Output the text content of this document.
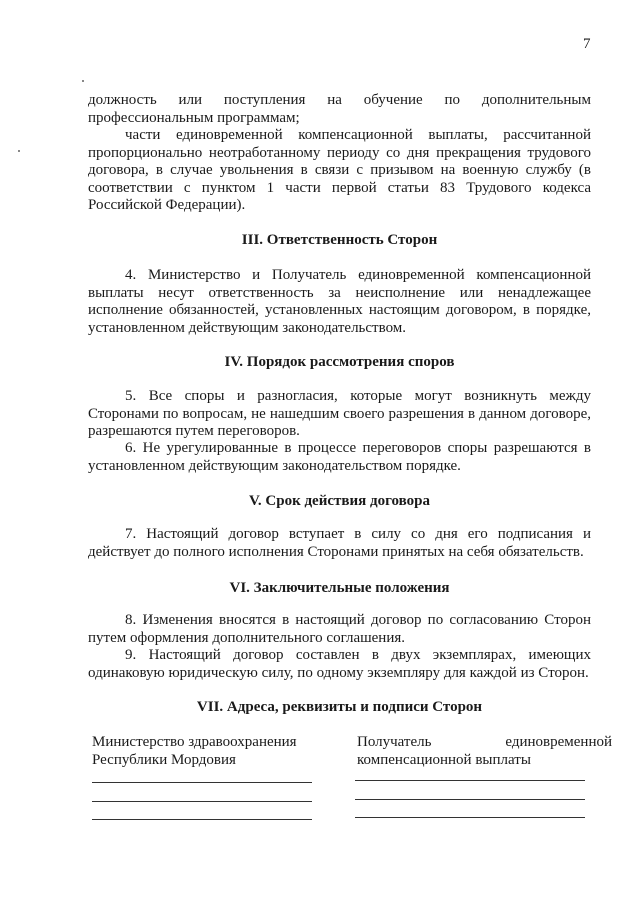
7

должность или поступления на обучение по дополнительным профессиональным программам;

части единовременной компенсационной выплаты, рассчитанной пропорционально неотработанному периоду со дня прекращения трудового договора, в случае увольнения в связи с призывом на военную службу (в соответствии с пунктом 1 части первой статьи 83 Трудового кодекса Российской Федерации).

III. Ответственность Сторон

4. Министерство и Получатель единовременной компенсационной выплаты несут ответственность за неисполнение или ненадлежащее исполнение обязанностей, установленных настоящим договором, в порядке, установленном действующим законодательством.

IV. Порядок рассмотрения споров

5. Все споры и разногласия, которые могут возникнуть между Сторонами по вопросам, не нашедшим своего разрешения в данном договоре, разрешаются путем переговоров.

6. Не урегулированные в процессе переговоров споры разрешаются в установленном действующим законодательством порядке.

V. Срок действия договора

7. Настоящий договор вступает в силу со дня его подписания и действует до полного исполнения Сторонами принятых на себя обязательств.

VI. Заключительные положения

8. Изменения вносятся в настоящий договор по согласованию Сторон путем оформления дополнительного соглашения.

9. Настоящий договор составлен в двух экземплярах, имеющих одинаковую юридическую силу, по одному экземпляру для каждой из Сторон.

VII. Адреса, реквизиты и подписи Сторон
Министерство здравоохранения Республики Мордовия
Получатель единовременной компенсационной выплаты
